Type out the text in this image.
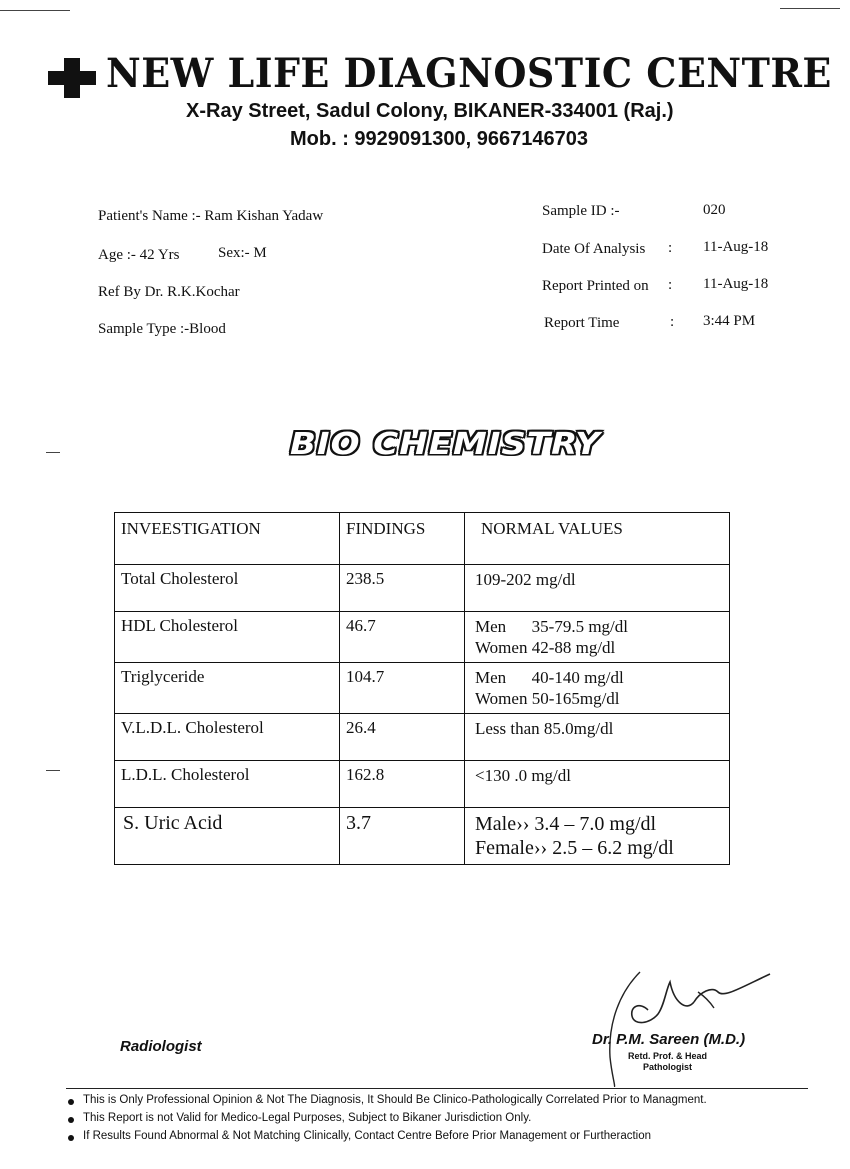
NEW LIFE DIAGNOSTIC CENTRE
X-Ray Street, Sadul Colony, BIKANER-334001 (Raj.)
Mob. : 9929091300, 9667146703
Patient's Name :- Ram Kishan Yadaw
Age :- 42 Yrs	Sex:- M
Ref By Dr. R.K.Kochar
Sample Type :-Blood
Sample ID :-	020
Date Of Analysis : 11-Aug-18
Report Printed on : 11-Aug-18
Report Time	: 3:44 PM
BIO CHEMISTRY
INVEESTIGATION	FINDINGS	NORMAL VALUES
Total Cholesterol	238.5	109-202 mg/dl

HDL Cholesterol	46.7	Men      35-79.5 mg/dl
Women 42-88 mg/dl

Triglyceride	104.7	Men      40-140 mg/dl
Women 50-165mg/dl

V.L.D.L. Cholesterol	26.4	Less than 85.0mg/dl

L.D.L. Cholesterol	162.8	<130 .0 mg/dl

S. Uric Acid	3.7	Male›› 3.4 – 7.0 mg/dl
Female›› 2.5 – 6.2 mg/dl
Radiologist	Dr. P.M. Sareen (M.D.)
Retd. Prof. & Head
Pathologist
This is Only Professional Opinion & Not The Diagnosis, It Should Be Clinico-Pathologically Correlated Prior to Managment.
This Report is not Valid for Medico-Legal Purposes, Subject to Bikaner Jurisdiction Only.
If Results Found Abnormal & Not Matching Clinically, Contact Centre Before Prior Management or Furtheraction
